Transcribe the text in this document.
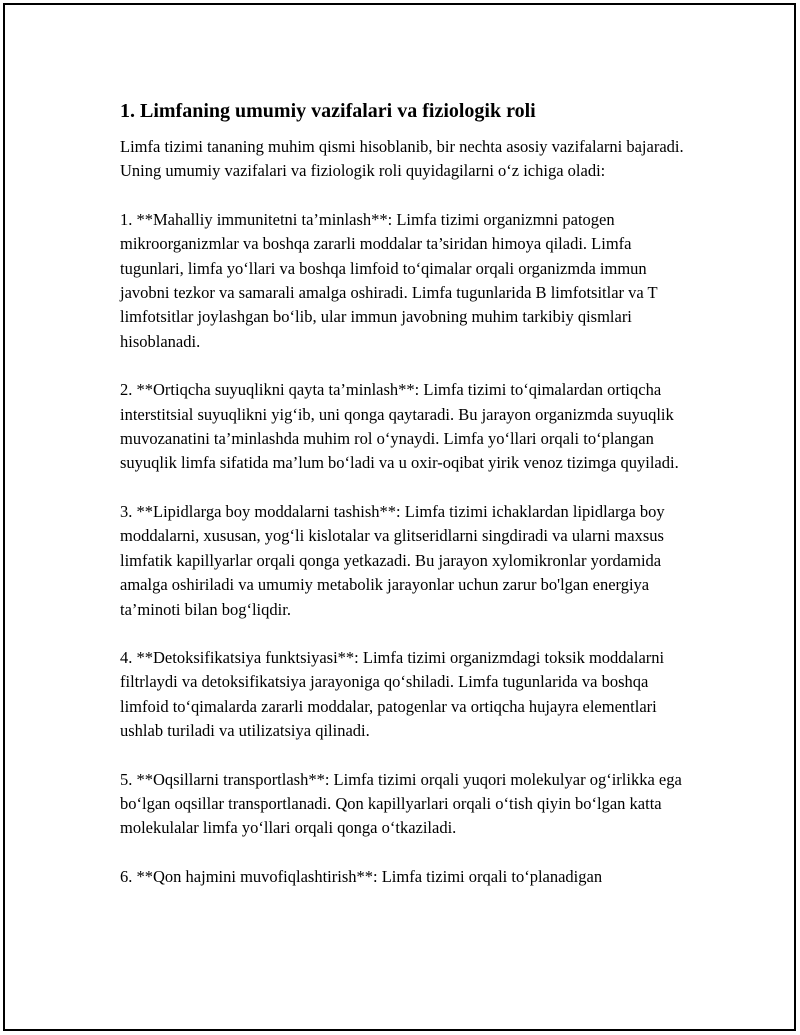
1. Limfaning umumiy vazifalari va fiziologik roli

Limfa tizimi tananing muhim qismi hisoblanib, bir nechta asosiy vazifalarni bajaradi. Uning umumiy vazifalari va fiziologik roli quyidagilarni o‘z ichiga oladi:

1. **Mahalliy immunitetni ta’minlash**: Limfa tizimi organizmni patogen mikroorganizmlar va boshqa zararli moddalar ta’siridan himoya qiladi. Limfa tugunlari, limfa yo‘llari va boshqa limfoid to‘qimalar orqali organizmda immun javobni tezkor va samarali amalga oshiradi. Limfa tugunlarida B limfotsitlar va T limfotsitlar joylashgan bo‘lib, ular immun javobning muhim tarkibiy qismlari hisoblanadi.

2. **Ortiqcha suyuqlikni qayta ta’minlash**: Limfa tizimi to‘qimalardan ortiqcha interstitsial suyuqlikni yig‘ib, uni qonga qaytaradi. Bu jarayon organizmda suyuqlik muvozanatini ta’minlashda muhim rol o‘ynaydi. Limfa yo‘llari orqali to‘plangan suyuqlik limfa sifatida ma’lum bo‘ladi va u oxir-oqibat yirik venoz tizimga quyiladi.

3. **Lipidlarga boy moddalarni tashish**: Limfa tizimi ichaklardan lipidlarga boy moddalarni, xususan, yog‘li kislotalar va glitseridlarni singdiradi va ularni maxsus limfatik kapillyarlar orqali qonga yetkazadi. Bu jarayon xylomikronlar yordamida amalga oshiriladi va umumiy metabolik jarayonlar uchun zarur bo'lgan energiya ta’minoti bilan bog‘liqdir.

4. **Detoksifikatsiya funktsiyasi**: Limfa tizimi organizmdagi toksik moddalarni filtrlaydi va detoksifikatsiya jarayoniga qo‘shiladi. Limfa tugunlarida va boshqa limfoid to‘qimalarda zararli moddalar, patogenlar va ortiqcha hujayra elementlari ushlab turiladi va utilizatsiya qilinadi.

5. **Oqsillarni transportlash**: Limfa tizimi orqali yuqori molekulyar og‘irlikka ega bo‘lgan oqsillar transportlanadi. Qon kapillyarlari orqali o‘tish qiyin bo‘lgan katta molekulalar limfa yo‘llari orqali qonga o‘tkaziladi.

6. **Qon hajmini muvofiqlashtirish**: Limfa tizimi orqali to‘planadigan
